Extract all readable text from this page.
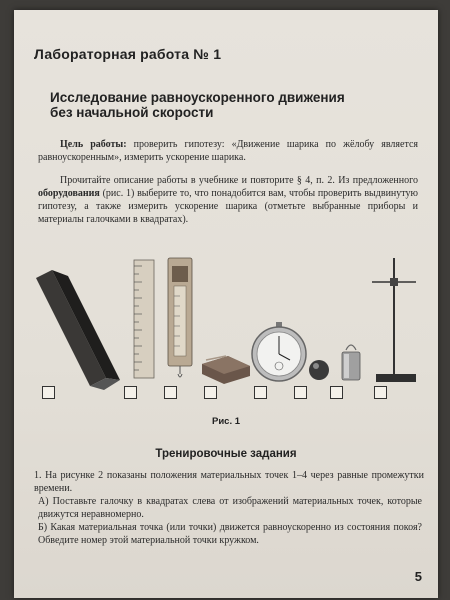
Лабораторная работа № 1
Исследование равноускоренного движения
без начальной скорости
Цель работы: проверить гипотезу: «Движение шарика по жёлобу является равноускоренным», измерить ускорение шарика.
Прочитайте описание работы в учебнике и повторите § 4, п. 2. Из предложенного оборудования (рис. 1) выберите то, что понадобится вам, чтобы проверить выдвинутую гипотезу, а также измерить ускорение шарика (отметьте выбранные приборы и материалы галочками в квадратах).
Рис. 1
Тренировочные задания
1. На рисунке 2 показаны положения материальных точек 1–4 через равные промежутки времени.
А) Поставьте галочку в квадратах слева от изображений материальных точек, которые движутся неравномерно.
Б) Какая материальная точка (или точки) движется равноускоренно из состояния покоя? Обведите номер этой материальной точки кружком.
5
